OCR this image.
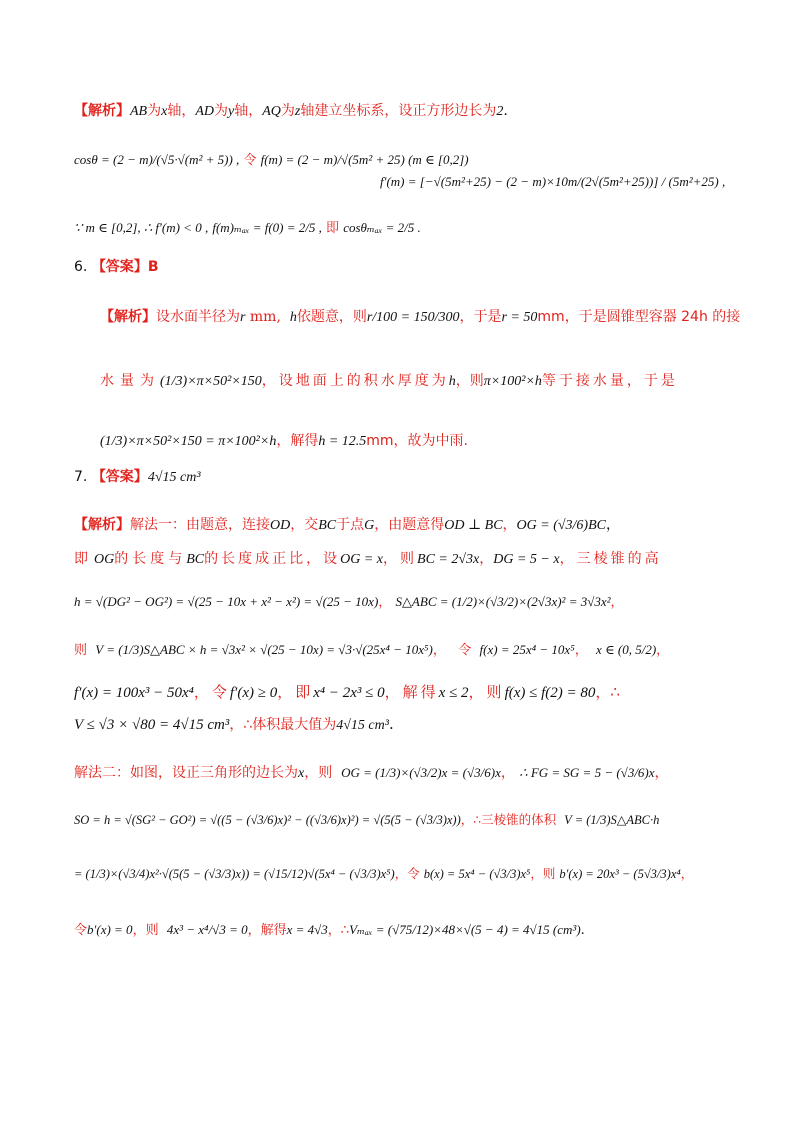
【解析】AB为x轴，AD为y轴，AQ为z轴建立坐标系，设正方形边长为2.
cosθ = (2 − m)/(√5·√(m² + 5)) , 令 f(m) = (2 − m)/√(5m² + 25) (m ∈ [0,2])
f′(m) = [−√(5m²+25) − (2 − m)×10m/(2√(5m²+25))] / (5m²+25) ,
∵ m ∈ [0,2], ∴ f′(m) < 0 , f(m)ₘₐₓ = f(0) = 2/5 , 即 cosθₘₐₓ = 2/5 .
6. 【答案】B
【解析】设水面半径为r mm, h依题意，则r/100 = 150/300，于是r = 50mm，于是圆锥型容器 24h 的接
水量为(1/3)×π×50²×150，设地面上的积水厚度为h，则π×100²×h等于接水量，于是
(1/3)×π×50²×150 = π×100²×h，解得h = 12.5mm，故为中雨.
7. 【答案】4√15 cm³
【解析】解法一：由题意，连接OD，交BC于点G，由题意得OD ⊥ BC，OG = (√3/6)BC，
即OG的长度与BC的长度成正比，设OG = x，则BC = 2√3x，DG = 5 − x，三棱锥的高
h = √(DG² − OG²) = √(25 − 10x + x² − x²) = √(25 − 10x)， S△ABC = (1/2)×(√3/2)×(2√3x)² = 3√3x²，
则 V = (1/3)S△ABC × h = √3x² × √(25 − 10x) = √3·√(25x⁴ − 10x⁵)， 令 f(x) = 25x⁴ − 10x⁵， x ∈ (0, 5/2)，
f′(x) = 100x³ − 50x⁴，令f′(x) ≥ 0，即x⁴ − 2x³ ≤ 0，解得x ≤ 2，则f(x) ≤ f(2) = 80，∴
V ≤ √3 × √80 = 4√15 cm³，∴体积最大值为4√15 cm³.
解法二：如图，设正三角形的边长为x，则 OG = (1/3)×(√3/2)x = (√3/6)x， ∴ FG = SG = 5 − (√3/6)x，
SO = h = √(SG² − GO²) = √((5 − (√3/6)x)² − ((√3/6)x)²) = √(5(5 − (√3/3)x))，∴三棱锥的体积 V = (1/3)S△ABC·h
= (1/3)×(√3/4)x²·√(5(5 − (√3/3)x)) = (√15/12)√(5x⁴ − (√3/3)x⁵)，令 b(x) = 5x⁴ − (√3/3)x⁵，则 b′(x) = 20x³ − (5√3/3)x⁴，
令b′(x) = 0，则 4x³ − x⁴/√3 = 0，解得x = 4√3，∴Vₘₐₓ = (√75/12)×48×√(5 − 4) = 4√15 (cm³).
